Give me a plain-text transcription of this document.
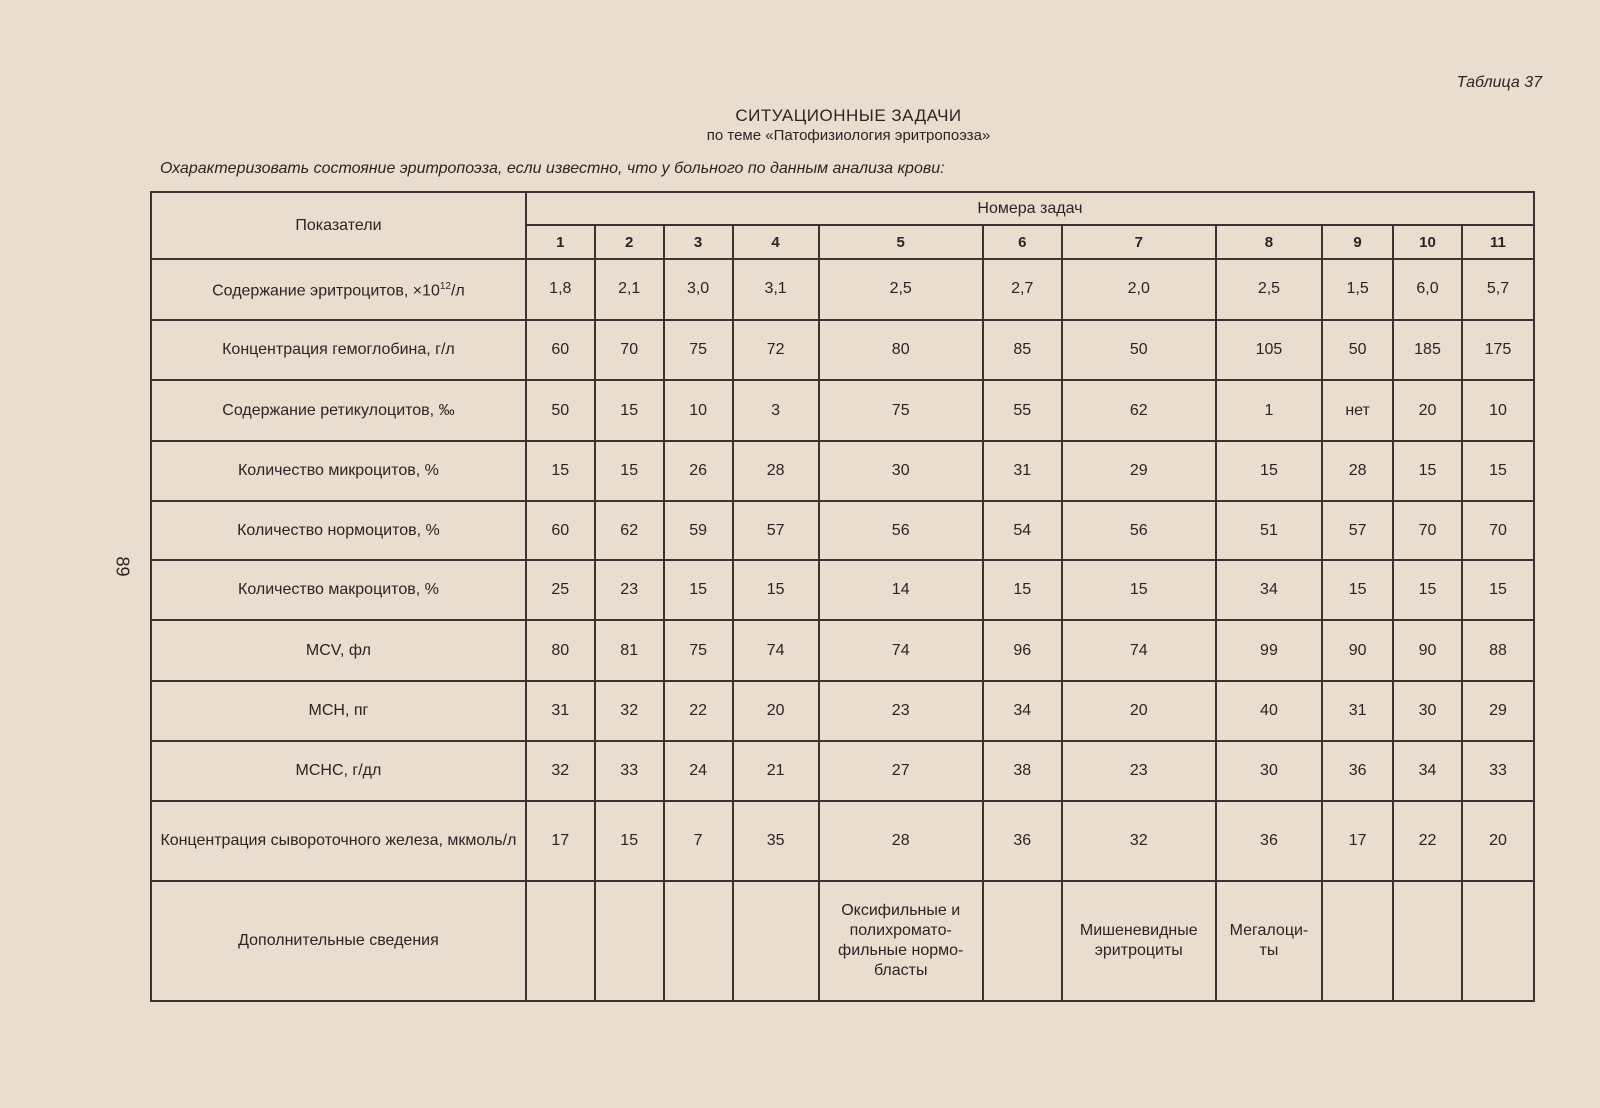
Таблица 37
СИТУАЦИОННЫЕ ЗАДАЧИ
по теме «Патофизиология эритропоэза»
Охарактеризовать состояние эритропоэза, если известно, что у больного по данным анализа крови:
89
Показатели	Номера задач										
	1	2	3	4	5	6	7	8	9	10	11
Содержание эритроцитов, $\times 10^{12}/л$	1,8	2,1	3,0	3,1	2,5	2,7	2,0	2,5	1,5	6,0	5,7
Концентрация гемоглобина, г/л	60	70	75	72	80	85	50	105	50	185	175
Содержание ретикулоцитов, ‰	50	15	10	3	75	55	62	1	нет	20	10
Количество микроцитов, %	15	15	26	28	30	31	29	15	28	15	15
Количество нормоцитов, %	60	62	59	57	56	54	56	51	57	70	70
Количество макроцитов, %	25	23	15	15	14	15	15	34	15	15	15
MCV, фл	80	81	75	74	74	96	74	99	90	90	88
MCH, пг	31	32	22	20	23	34	20	40	31	30	29
MCHC, г/дл	32	33	24	21	27	38	23	30	36	34	33
Концентрация сывороточного железа, мкмоль/л	17	15	7	35	28	36	32	36	17	22	20
Дополнительные сведения					Оксифильные и полихромато-фильные нормо-бласты		Мишеневидные эритроциты	Мегалоци-ты			
